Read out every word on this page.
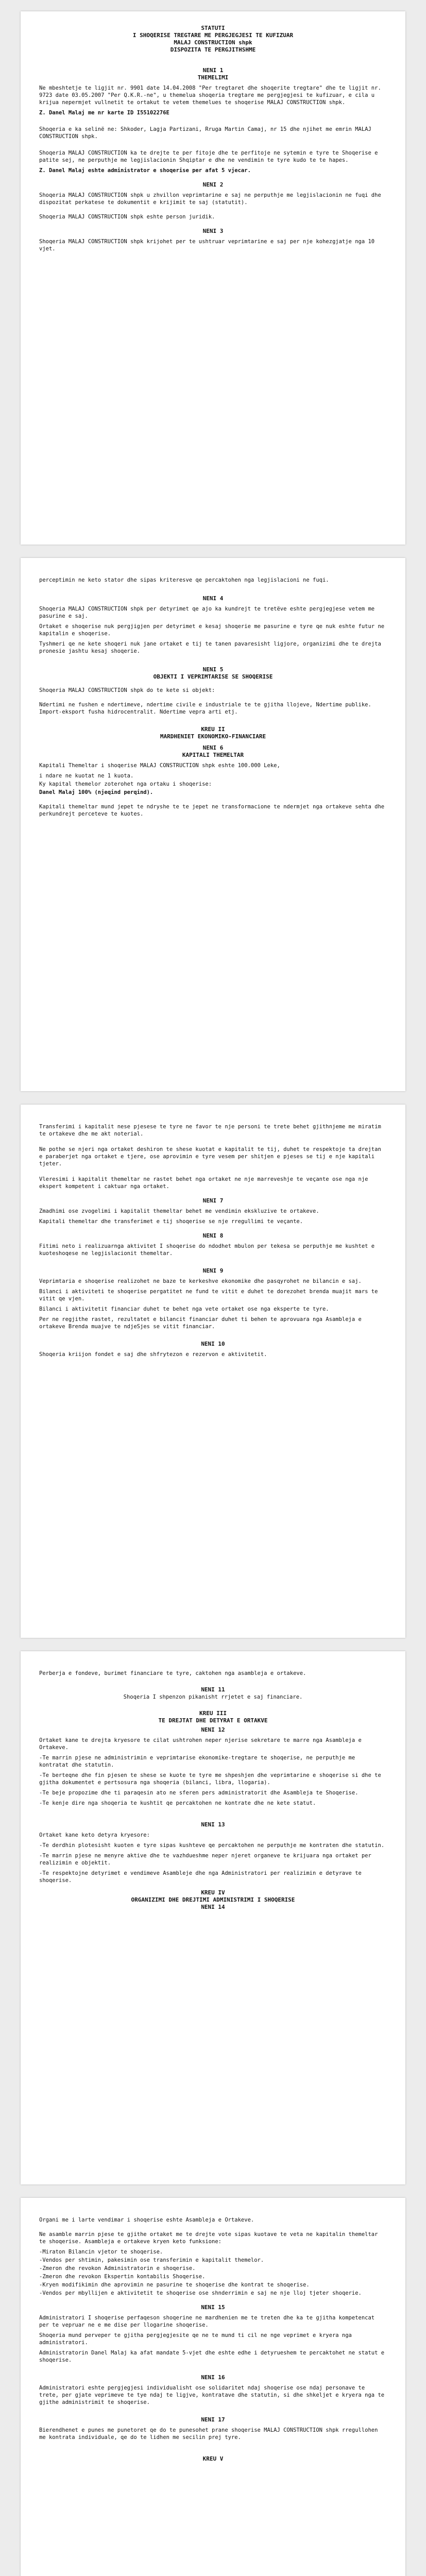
STATUTI
I SHOQERISE TREGTARE ME PERGJEGJESI TE KUFIZUAR
MALAJ CONSTRUCTION shpk
DISPOZITA TE PERGJITHSHME
NENI 1
THEMELIMI

Ne mbeshtetje te ligjit nr. 9901 date 14.04.2008 "Per tregtaret dhe shoqerite tregtare" dhe te ligjit nr. 9723 date 03.05.2007 "Per Q.K.R.-ne", u themelua shoqeria tregtare me pergjegjesi te kufizuar, e cila u krijua nepermjet vullnetit te ortakut te vetem themelues te shoqerise MALAJ CONSTRUCTION shpk.

Z. Danel Malaj me nr karte ID I55102276E

Shoqeria e ka selinë ne: Shkoder, Lagja Partizani, Rruga Martin Camaj, nr 15 dhe njihet me emrin MALAJ CONSTRUCTION shpk.

Shoqeria MALAJ CONSTRUCTION ka te drejte te per fitoje dhe te perfitoje ne sytemin e tyre te Shoqerise e patite sej, ne perputhje me legjislacionin Shqiptar e dhe ne vendimin te tyre kudo te te hapes.

Z. Danel Malaj eshte administrator e shoqerise per afat 5 vjecar.

NENI 2

Shoqeria MALAJ CONSTRUCTION shpk u zhvillon veprimtarine e saj ne perputhje me legjislacionin ne fuqi dhe dispozitat perkatese te dokumentit e krijimit te saj (statutit).

Shoqeria MALAJ CONSTRUCTION shpk eshte person juridik.

NENI 3

Shoqeria MALAJ CONSTRUCTION shpk krijohet per te ushtruar veprimtarine e saj per nje kohezgjatje nga 10 vjet.

perceptimin ne keto stator dhe sipas kriteresve qe percaktohen nga legjislacioni ne fuqi.

NENI 4

Shoqeria MALAJ CONSTRUCTION shpk per detyrimet qe ajo ka kundrejt te tretëve eshte pergjegjese vetem me pasurine e saj.

Ortaket e shoqerise nuk pergjigjen per detyrimet e kesaj shoqerie me pasurine e tyre qe nuk eshte futur ne kapitalin e shoqerise.

Tyshmeri qe ne kete shoqeri nuk jane ortaket e tij te tanen pavaresisht ligjore, organizimi dhe te drejta pronesie jashtu kesaj shoqerie.

NENI 5
OBJEKTI I VEPRIMTARISE SE SHOQERISE

Shoqeria MALAJ CONSTRUCTION shpk do te kete si objekt:

Ndertimi ne fushen e ndertimeve, ndertime civile e industriale te te gjitha llojeve, Ndertime publike. Import-eksport fusha hidrocentralit. Ndertime vepra arti etj.

KREU II
MARDHENIET EKONOMIKO-FINANCIARE
NENI 6
KAPITALI THEMELTAR

Kapitali Themeltar i shoqerise MALAJ CONSTRUCTION shpk eshte 100.000 Leke,

i ndare ne kuotat ne 1 kuota.

Ky kapital themelor zoterohet nga ortaku i shoqerise:

Danel Malaj 100% (njeqind perqind).

Kapitali themeltar mund jepet te ndryshe te te jepet ne transformacione te ndermjet nga ortakeve sehta dhe perkundrejt perceteve te kuotes.

Transferimi i kapitalit nese pjesese te tyre ne favor te nje personi te trete behet gjithnjeme me miratim te ortakeve dhe me akt noterial.

Ne pothe se njeri nga ortaket deshiron te shese kuotat e kapitalit te tij, duhet te respektoje ta drejtan e paraberjet nga ortaket e tjere, ose aprovimin e tyre vesem per shitjen e pjeses se tij e nje kapitali tjeter.

Vleresimi i kapitalit themeltar ne rastet behet nga ortaket ne nje marreveshje te veçante ose nga nje ekspert kompetent i caktuar nga ortaket.

NENI 7

Zmadhimi ose zvogelimi i kapitalit themeltar behet me vendimin ekskluzive te ortakeve.

Kapitali themeltar dhe transferimet e tij shoqerise se nje rregullimi te veçante.

NENI 8

Fitimi neto i realizuarnga aktivitet I shoqerise do ndodhet mbulon per tekesa se perputhje me kushtet e kuoteshoqese ne legjislacionit themeltar.

NENI 9

Veprimtaria e shoqerise realizohet ne baze te kerkeshve ekonomike dhe pasqyrohet ne bilancin e saj.

Bilanci i aktiviteti te shoqerise pergatitet ne fund te vitit e duhet te dorezohet brenda muajit mars te vitit qe vjen.

Bilanci i aktivitetit financiar duhet te behet nga vete ortaket ose nga eksperte te tyre.

Per ne regjithe rastet, rezultatet e bilancit financiar duhet ti behen te aprovuara nga Asambleja e ortakeve Brenda muajve te ndjeSjes se vitit financiar.

NENI 10

Shoqeria kriijon fondet e saj dhe shfrytezon e rezervon e aktivitetit.

Perberja e fondeve, burimet financiare te tyre, caktohen nga asambleja e ortakeve.

NENI 11
Shoqeria I shpenzon pikanisht rrjetet e saj financiare.
KREU III
TE DREJTAT DHE DETYRAT E ORTAKVE
NENI 12

Ortaket kane te drejta kryesore te cilat ushtrohen neper njerise sekretare te marre nga Asambleja e Ortakeve.

-Te marrin pjese ne administrimin e veprimtarise ekonomike-tregtare te shoqerise, ne perputhje me kontratat dhe statutin.

-Te berteqne dhe fin pjesen te shese se kuote te tyre me shpeshjen dhe veprimtarine e shoqerise si dhe te gjitha dokumentet e pertsosura nga shoqeria (bilanci, libra, llogaria).

-Te beje propozime dhe ti paraqesin ato ne sferen pers administratorit dhe Asambleja te Shoqerise.

-Te kenje dire nga shoqeria te kushtit qe percaktohen ne kontrate dhe ne kete statut.

NENI 13

Ortaket kane keto detyra kryesore:

-Te derdhin plotesisht kuoten e tyre sipas kushteve qe percaktohen ne perputhje me kontraten dhe statutin.

-Te marrin pjese ne menyre aktive dhe te vazhdueshme neper njeret organeve te krijuara nga ortaket per realizimin e objektit.

-Te respektojne detyrimet e vendimeve Asambleje dhe nga Administratori per realizimin e detyrave te shoqerise.

KREU IV
ORGANIZIMI DHE DREJTIMI ADMINISTRIMI I SHOQERISE
NENI 14

Organi me i larte vendimar i shoqerise eshte Asambleja e Ortakeve.

Ne asamble marrin pjese te gjithe ortaket me te drejte vote sipas kuotave te veta ne kapitalin themeltar te shoqerise. Asambleja e ortakeve kryen keto funksione:

-Miraton Bilancin vjetor te shoqerise.

-Vendos per shtimin, pakesimin ose transferimin e kapitalit themelor.

-Zmeron dhe revokon Administratorin e shoqerise.

-Zmeron dhe revokon Ekspertin kontabilis Shoqerise.

-Kryen modifikimin dhe aprovimin ne pasurine te shoqerise dhe kontrat te shoqerise.

-Vendos per mbyllijen e aktivitetit te shoqerise ose shnderrimin e saj ne nje lloj tjeter shoqerie.

NENI 15

Administratori I shoqerise perfaqeson shoqerine ne mardhenien me te treten dhe ka te gjitha kompetencat per te vepruar ne e me dise per llogarine shoqerise.

Shoqeria mund perveper te gjitha pergjegjesite qe ne te mund ti cil ne nge veprimet e kryera nga administratori.

Administratorin Danel Malaj ka afat mandate 5-vjet dhe eshte edhe i detyrueshem te percaktohet ne statut e shoqerise.

NENI 16

Administratori eshte pergjegjesi individualisht ose solidaritet ndaj shoqerise ose ndaj personave te trete, per gjate veprimeve te tye ndaj te ligjve, kontratave dhe statutin, si dhe shkeljet e kryera nga te gjithe administrimit te shoqerise.

NENI 17

Bierendhenet e punes me punetoret qe do te punesohet prane shoqerise MALAJ CONSTRUCTION shpk rregullohen me kontrata individuale, qe do te lidhen me secilin prej tyre.

KREU V
